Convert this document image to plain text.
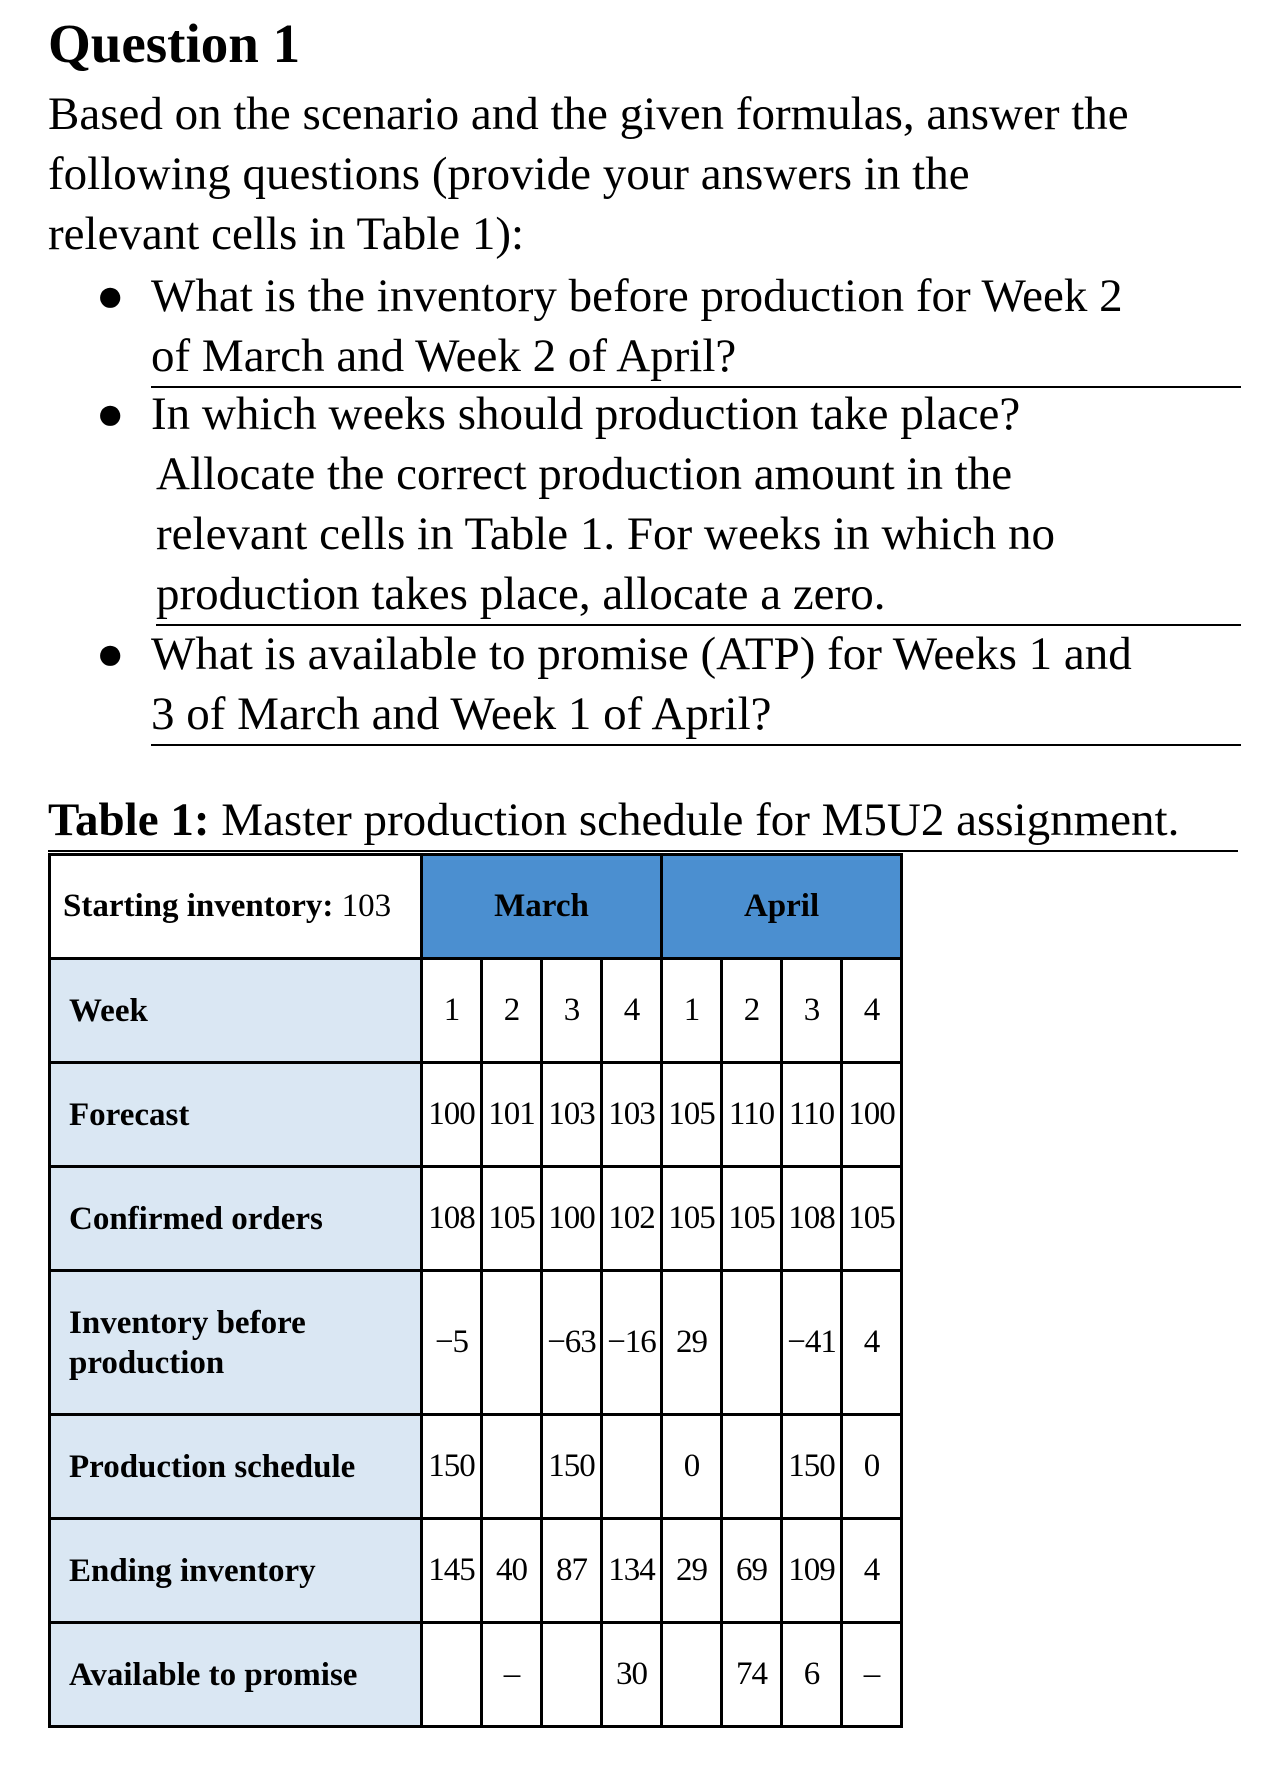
Question 1
Based on the scenario and the given formulas, answer the
following questions (provide your answers in the
relevant cells in Table 1):
● What is the inventory before production for Week 2
of March and Week 2 of April?
● In which weeks should production take place?
Allocate the correct production amount in the
relevant cells in Table 1. For weeks in which no
production takes place, allocate a zero.
● What is available to promise (ATP) for Weeks 1 and
3 of March and Week 1 of April?
Table 1: Master production schedule for M5U2 assignment.
Starting inventory: 103	March				April			
Week	1	2	3	4	1	2	3	4
Forecast	100	101	103	103	105	110	110	100
Confirmed orders	108	105	100	102	105	105	108	105
Inventory before production	−5		−63	−16	29		−41	4
Production schedule	150		150		0		150	0
Ending inventory	145	40	87	134	29	69	109	4
Available to promise		–		30		74	6	–
